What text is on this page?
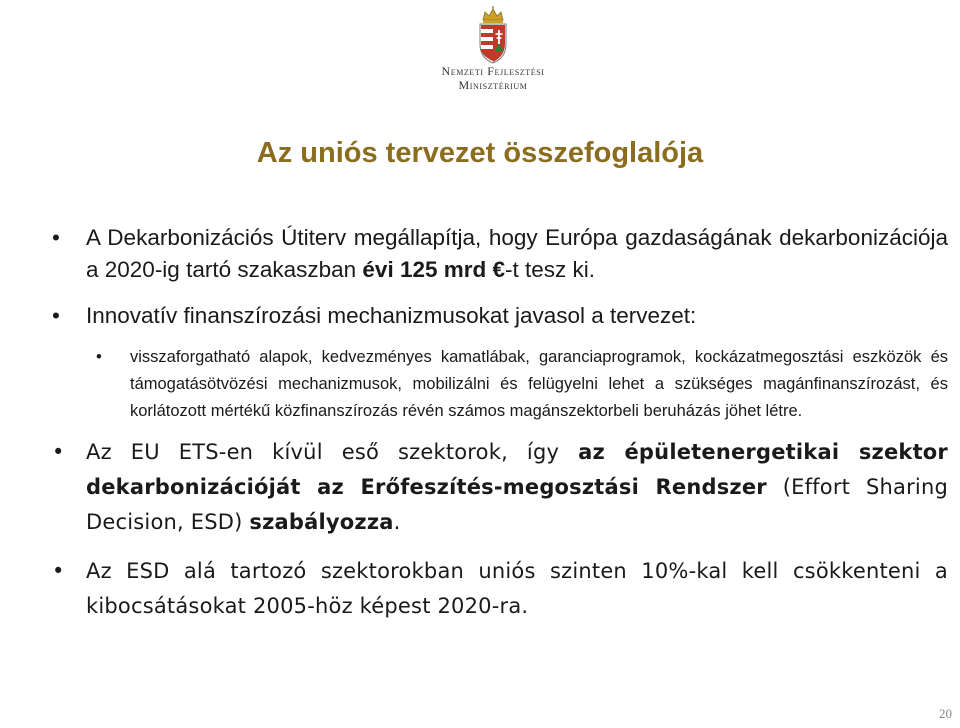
Nemzeti Fejlesztési
Minisztérium
Az uniós tervezet összefoglalója
• A Dekarbonizációs Útiterv megállapítja, hogy Európa gazdaságának dekarbonizációja a 2020-ig tartó szakaszban évi 125 mrd €-t tesz ki.
• Innovatív finanszírozási mechanizmusokat javasol a tervezet:
• visszaforgatható alapok, kedvezményes kamatlábak, garanciaprogramok, kockázatmegosztási eszközök és támogatásötvözési mechanizmusok, mobilizálni és felügyelni lehet a szükséges magánfinanszírozást, és korlátozott mértékű közfinanszírozás révén számos magánszektorbeli beruházás jöhet létre.
• Az EU ETS-en kívül eső szektorok, így az épületenergetikai szektor dekarbonizációját az Erőfeszítés-megosztási Rendszer (Effort Sharing Decision, ESD) szabályozza.
• Az ESD alá tartozó szektorokban uniós szinten 10%-kal kell csökkenteni a kibocsátásokat 2005-höz képest 2020-ra.
20
